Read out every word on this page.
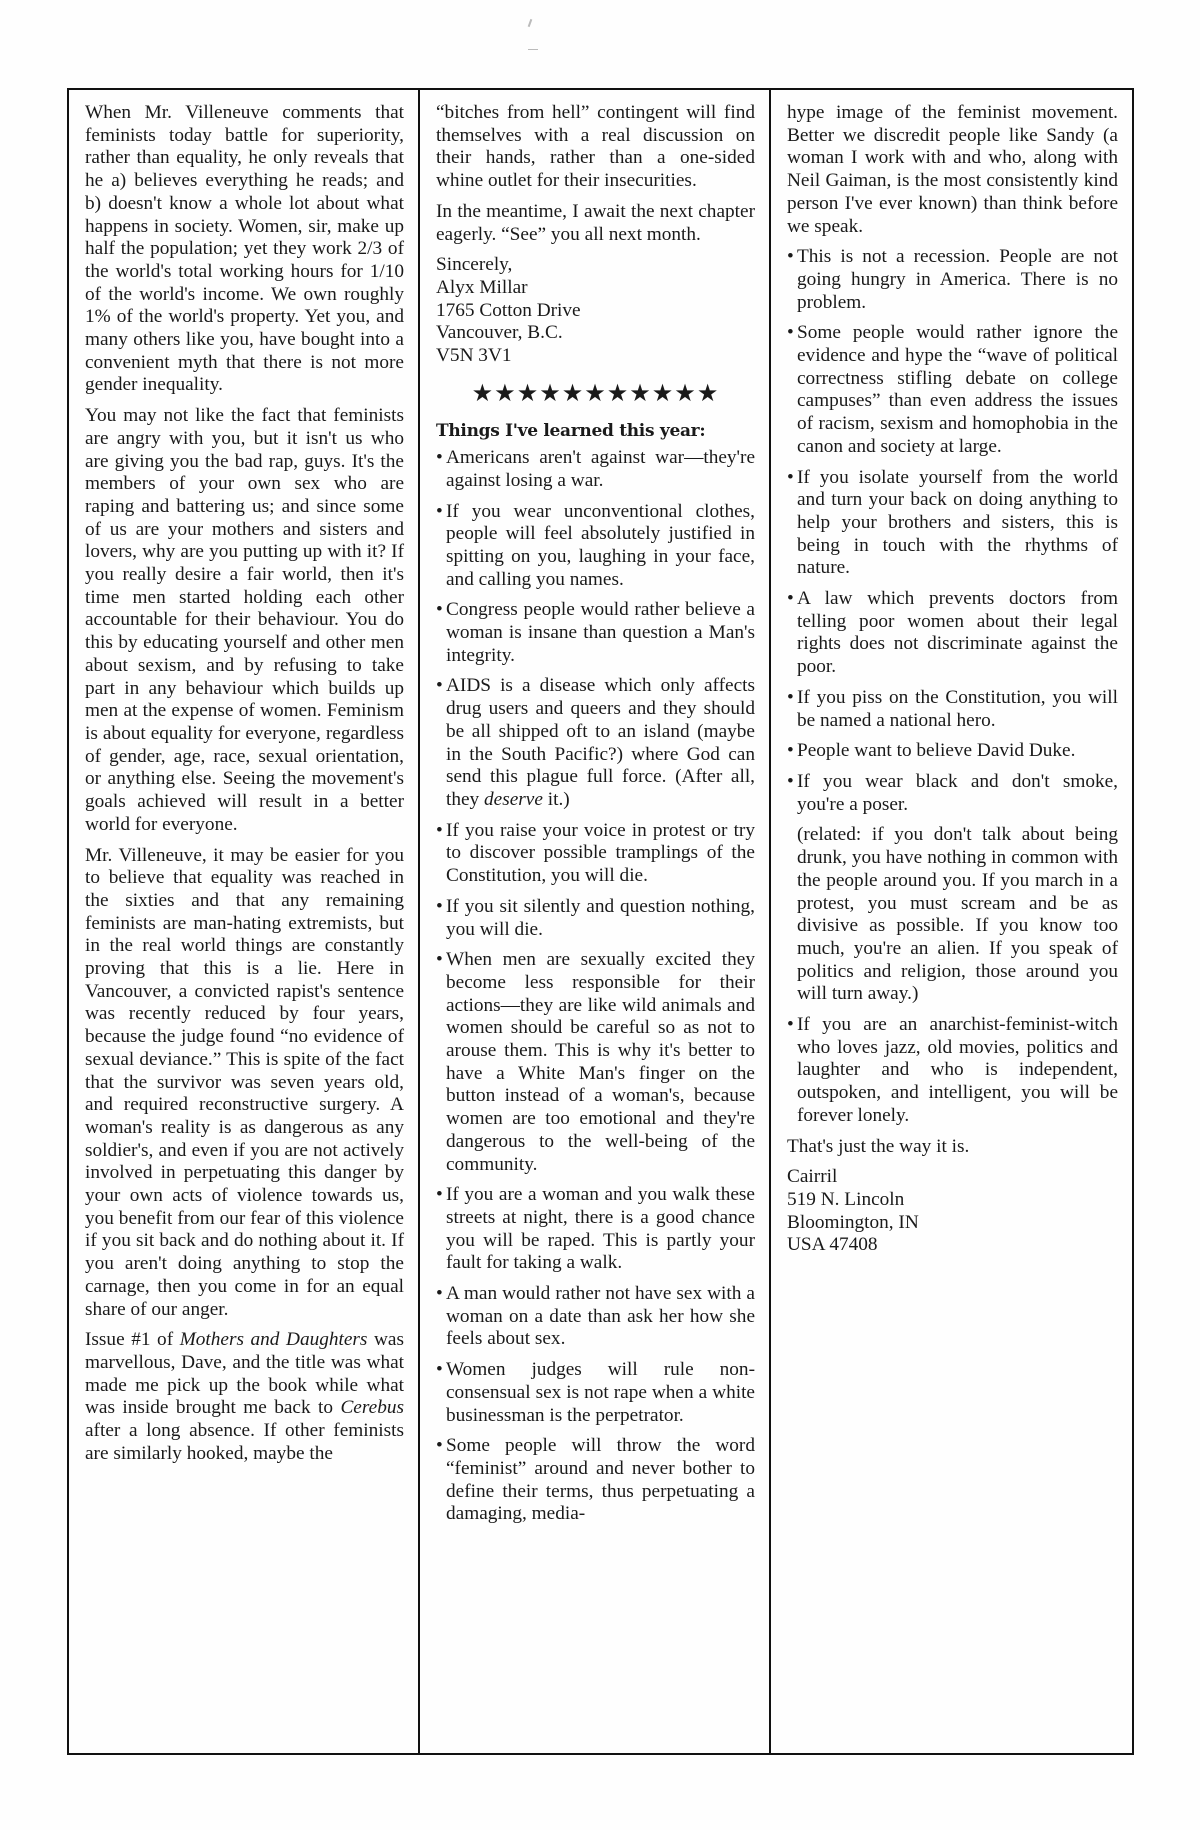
When Mr. Villeneuve comments that feminists today battle for superiority, rather than equality, he only reveals that he a) believes everything he reads; and b) doesn't know a whole lot about what happens in society. Women, sir, make up half the population; yet they work 2/3 of the world's total working hours for 1/10 of the world's income. We own roughly 1% of the world's property. Yet you, and many others like you, have bought into a convenient myth that there is not more gender inequality.

You may not like the fact that feminists are angry with you, but it isn't us who are giving you the bad rap, guys. It's the members of your own sex who are raping and battering us; and since some of us are your mothers and sisters and lovers, why are you putting up with it? If you really desire a fair world, then it's time men started holding each other accountable for their behaviour. You do this by educating yourself and other men about sexism, and by refusing to take part in any behaviour which builds up men at the expense of women. Feminism is about equality for everyone, regardless of gender, age, race, sexual orientation, or anything else. Seeing the movement's goals achieved will result in a better world for everyone.

Mr. Villeneuve, it may be easier for you to believe that equality was reached in the sixties and that any remaining feminists are man-hating extremists, but in the real world things are constantly proving that this is a lie. Here in Vancouver, a convicted rapist's sentence was recently reduced by four years, because the judge found “no evidence of sexual deviance.” This is spite of the fact that the survivor was seven years old, and required reconstructive surgery. A woman's reality is as dangerous as any soldier's, and even if you are not actively involved in perpetuating this danger by your own acts of violence towards us, you benefit from our fear of this violence if you sit back and do nothing about it. If you aren't doing anything to stop the carnage, then you come in for an equal share of our anger.

Issue #1 of Mothers and Daughters was marvellous, Dave, and the title was what made me pick up the book while what was inside brought me back to Cerebus after a long absence. If other feminists are similarly hooked, maybe the

“bitches from hell” contingent will find themselves with a real discussion on their hands, rather than a one-sided whine outlet for their insecurities.

In the meantime, I await the next chapter eagerly. “See” you all next month.

Sincerely,

Alyx Millar

1765 Cotton Drive

Vancouver, B.C.

V5N 3V1

★★★★★★★★★★★
Things I've learned this year:
• Americans aren't against war—they're against losing a war.
• If you wear unconventional clothes, people will feel absolutely justified in spitting on you, laughing in your face, and calling you names.
• Congress people would rather believe a woman is insane than question a Man's integrity.
• AIDS is a disease which only affects drug users and queers and they should be all shipped oft to an island (maybe in the South Pacific?) where God can send this plague full force. (After all, they deserve it.)
• If you raise your voice in protest or try to discover possible tramplings of the Constitution, you will die.
• If you sit silently and question nothing, you will die.
• When men are sexually excited they become less responsible for their actions—they are like wild animals and women should be careful so as not to arouse them. This is why it's better to have a White Man's finger on the button instead of a woman's, because women are too emotional and they're dangerous to the well-being of the community.
• If you are a woman and you walk these streets at night, there is a good chance you will be raped. This is partly your fault for taking a walk.
• A man would rather not have sex with a woman on a date than ask her how she feels about sex.
• Women judges will rule non-consensual sex is not rape when a white businessman is the perpetrator.
• Some people will throw the word “feminist” around and never bother to define their terms, thus perpetuating a damaging, media-

hype image of the feminist movement. Better we discredit people like Sandy (a woman I work with and who, along with Neil Gaiman, is the most consistently kind person I've ever known) than think before we speak.

• This is not a recession. People are not going hungry in America. There is no problem.
• Some people would rather ignore the evidence and hype the “wave of political correctness stifling debate on college campuses” than even address the issues of racism, sexism and homophobia in the canon and society at large.
• If you isolate yourself from the world and turn your back on doing anything to help your brothers and sisters, this is being in touch with the rhythms of nature.
• A law which prevents doctors from telling poor women about their legal rights does not discriminate against the poor.
• If you piss on the Constitution, you will be named a national hero.
• People want to believe David Duke.
• If you wear black and don't smoke, you're a poser.

(related: if you don't talk about being drunk, you have nothing in common with the people around you. If you march in a protest, you must scream and be as divisive as possible. If you know too much, you're an alien. If you speak of politics and religion, those around you will turn away.)

• If you are an anarchist-feminist-witch who loves jazz, old movies, politics and laughter and who is independent, outspoken, and intelligent, you will be forever lonely.

That's just the way it is.

Cairril

519 N. Lincoln

Bloomington, IN

USA 47408
